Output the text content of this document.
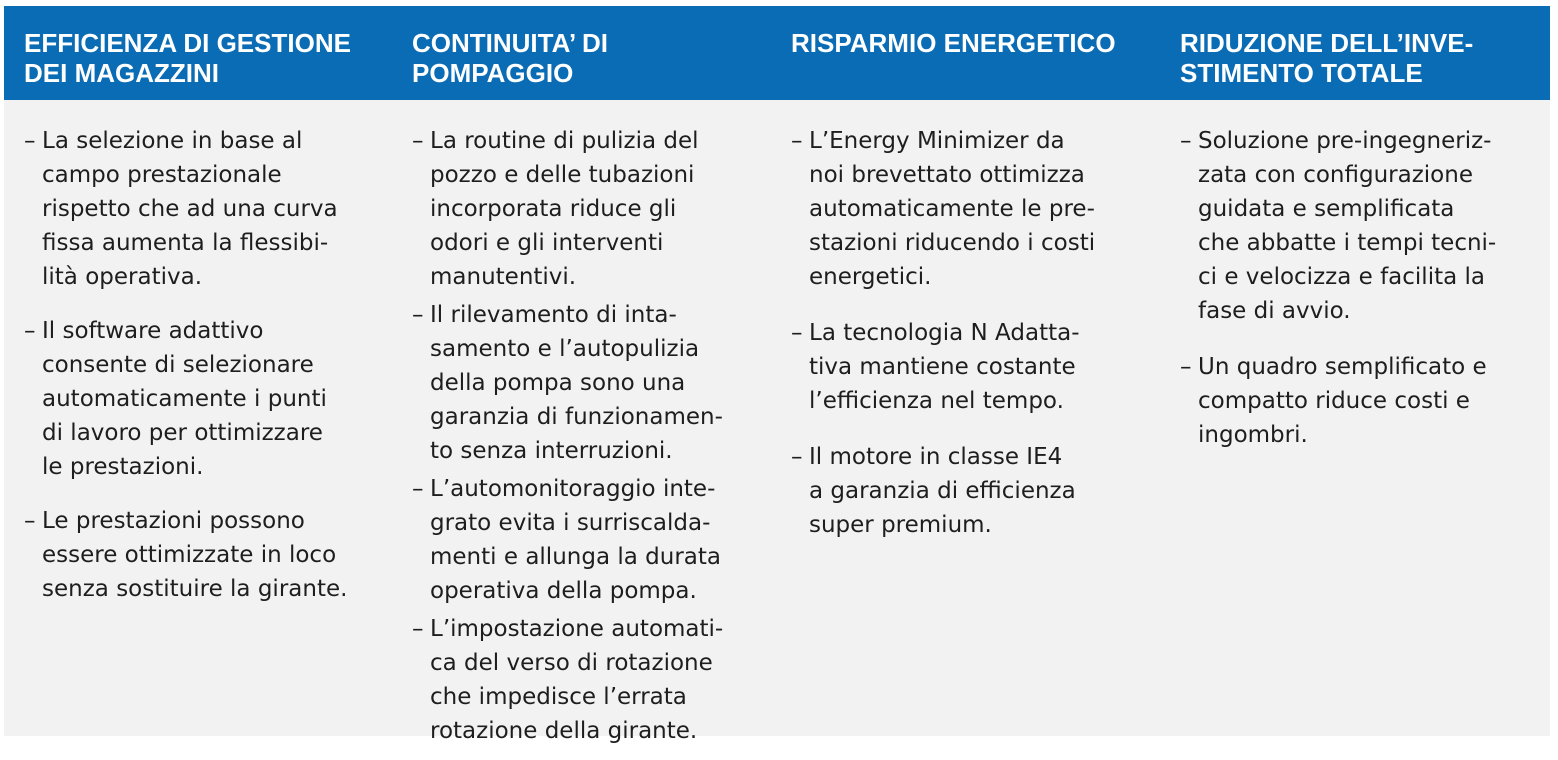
EFFICIENZA DI GESTIONE
DEI MAGAZZINI
– La selezione in base al
campo prestazionale
rispetto che ad una curva
fissa aumenta la flessibi-
lità operativa.
– Il software adattivo
consente di selezionare
automaticamente i punti
di lavoro per ottimizzare
le prestazioni.
– Le prestazioni possono
essere ottimizzate in loco
senza sostituire la girante.
CONTINUITA’ DI
POMPAGGIO
– La routine di pulizia del
pozzo e delle tubazioni
incorporata riduce gli
odori e gli interventi
manutentivi.
– Il rilevamento di inta-
samento e l’autopulizia
della pompa sono una
garanzia di funzionamen-
to senza interruzioni.
– L’automonitoraggio inte-
grato evita i surriscalda-
menti e allunga la durata
operativa della pompa.
– L’impostazione automati-
ca del verso di rotazione
che impedisce l’errata
rotazione della girante.
RISPARMIO ENERGETICO
– L’Energy Minimizer da
noi brevettato ottimizza
automaticamente le pre-
stazioni riducendo i costi
energetici.
– La tecnologia N Adatta-
tiva mantiene costante
l’efficienza nel tempo.
– Il motore in classe IE4
a garanzia di efficienza
super premium.
RIDUZIONE DELL’INVE-
STIMENTO TOTALE
– Soluzione pre-ingegneriz-
zata con configurazione
guidata e semplificata
che abbatte i tempi tecni-
ci e velocizza e facilita la
fase di avvio.
– Un quadro semplificato e
compatto riduce costi e
ingombri.
